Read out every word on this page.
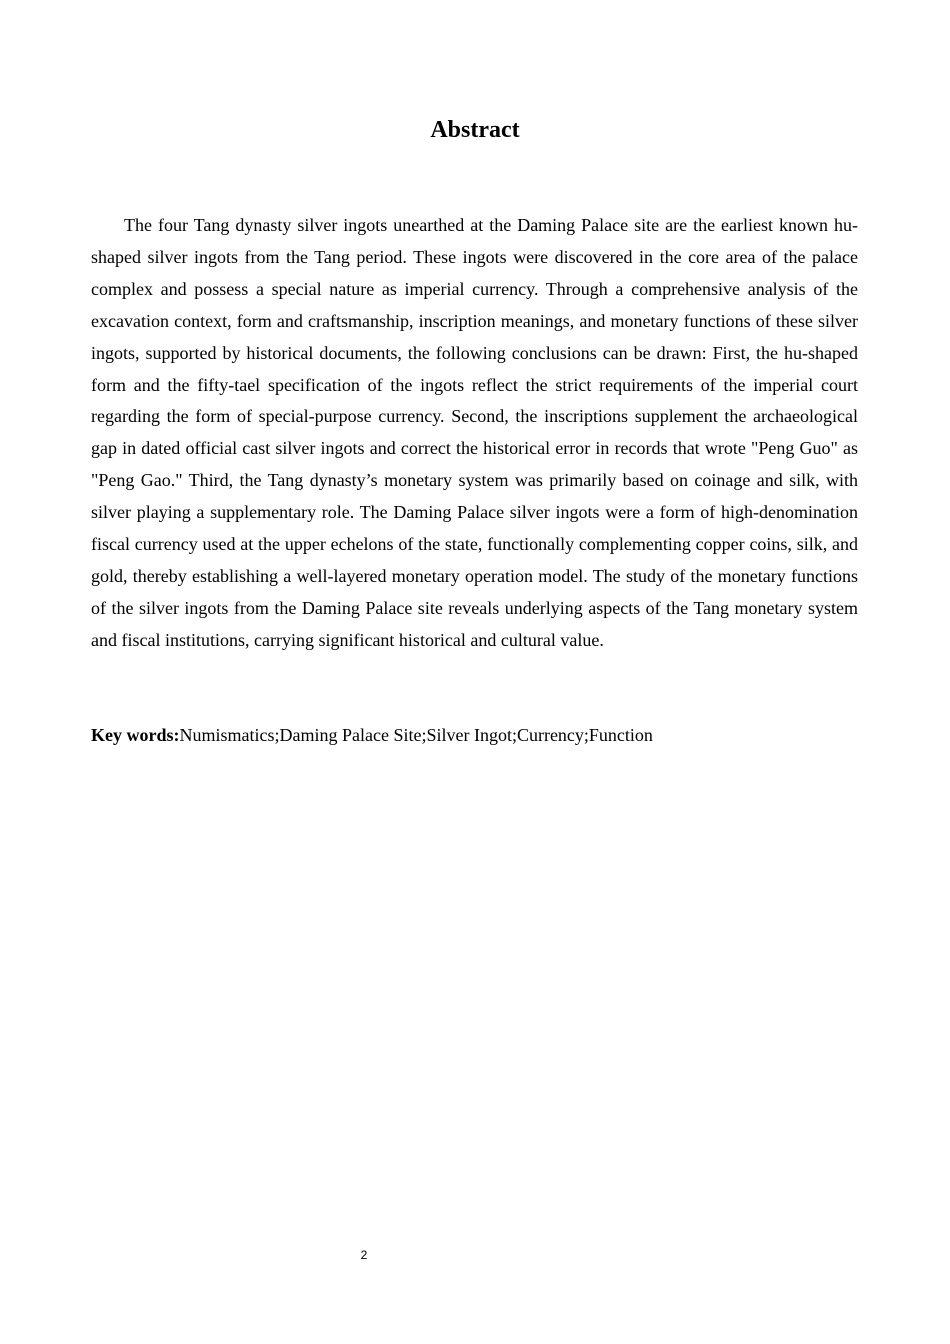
Abstract

The four Tang dynasty silver ingots unearthed at the Daming Palace site are the earliest known hu-shaped silver ingots from the Tang period. These ingots were discovered in the core area of the palace complex and possess a special nature as imperial currency. Through a comprehensive analysis of the excavation context, form and craftsmanship, inscription meanings, and monetary functions of these silver ingots, supported by historical documents, the following conclusions can be drawn: First, the hu-shaped form and the fifty-tael specification of the ingots reflect the strict requirements of the imperial court regarding the form of special-purpose currency. Second, the inscriptions supplement the archaeological gap in dated official cast silver ingots and correct the historical error in records that wrote "Peng Guo" as "Peng Gao." Third, the Tang dynasty’s monetary system was primarily based on coinage and silk, with silver playing a supplementary role. The Daming Palace silver ingots were a form of high-denomination fiscal currency used at the upper echelons of the state, functionally complementing copper coins, silk, and gold, thereby establishing a well-layered monetary operation model. The study of the monetary functions of the silver ingots from the Daming Palace site reveals underlying aspects of the Tang monetary system and fiscal institutions, carrying significant historical and cultural value.

Key words:Numismatics;Daming Palace Site;Silver Ingot;Currency;Function

2
